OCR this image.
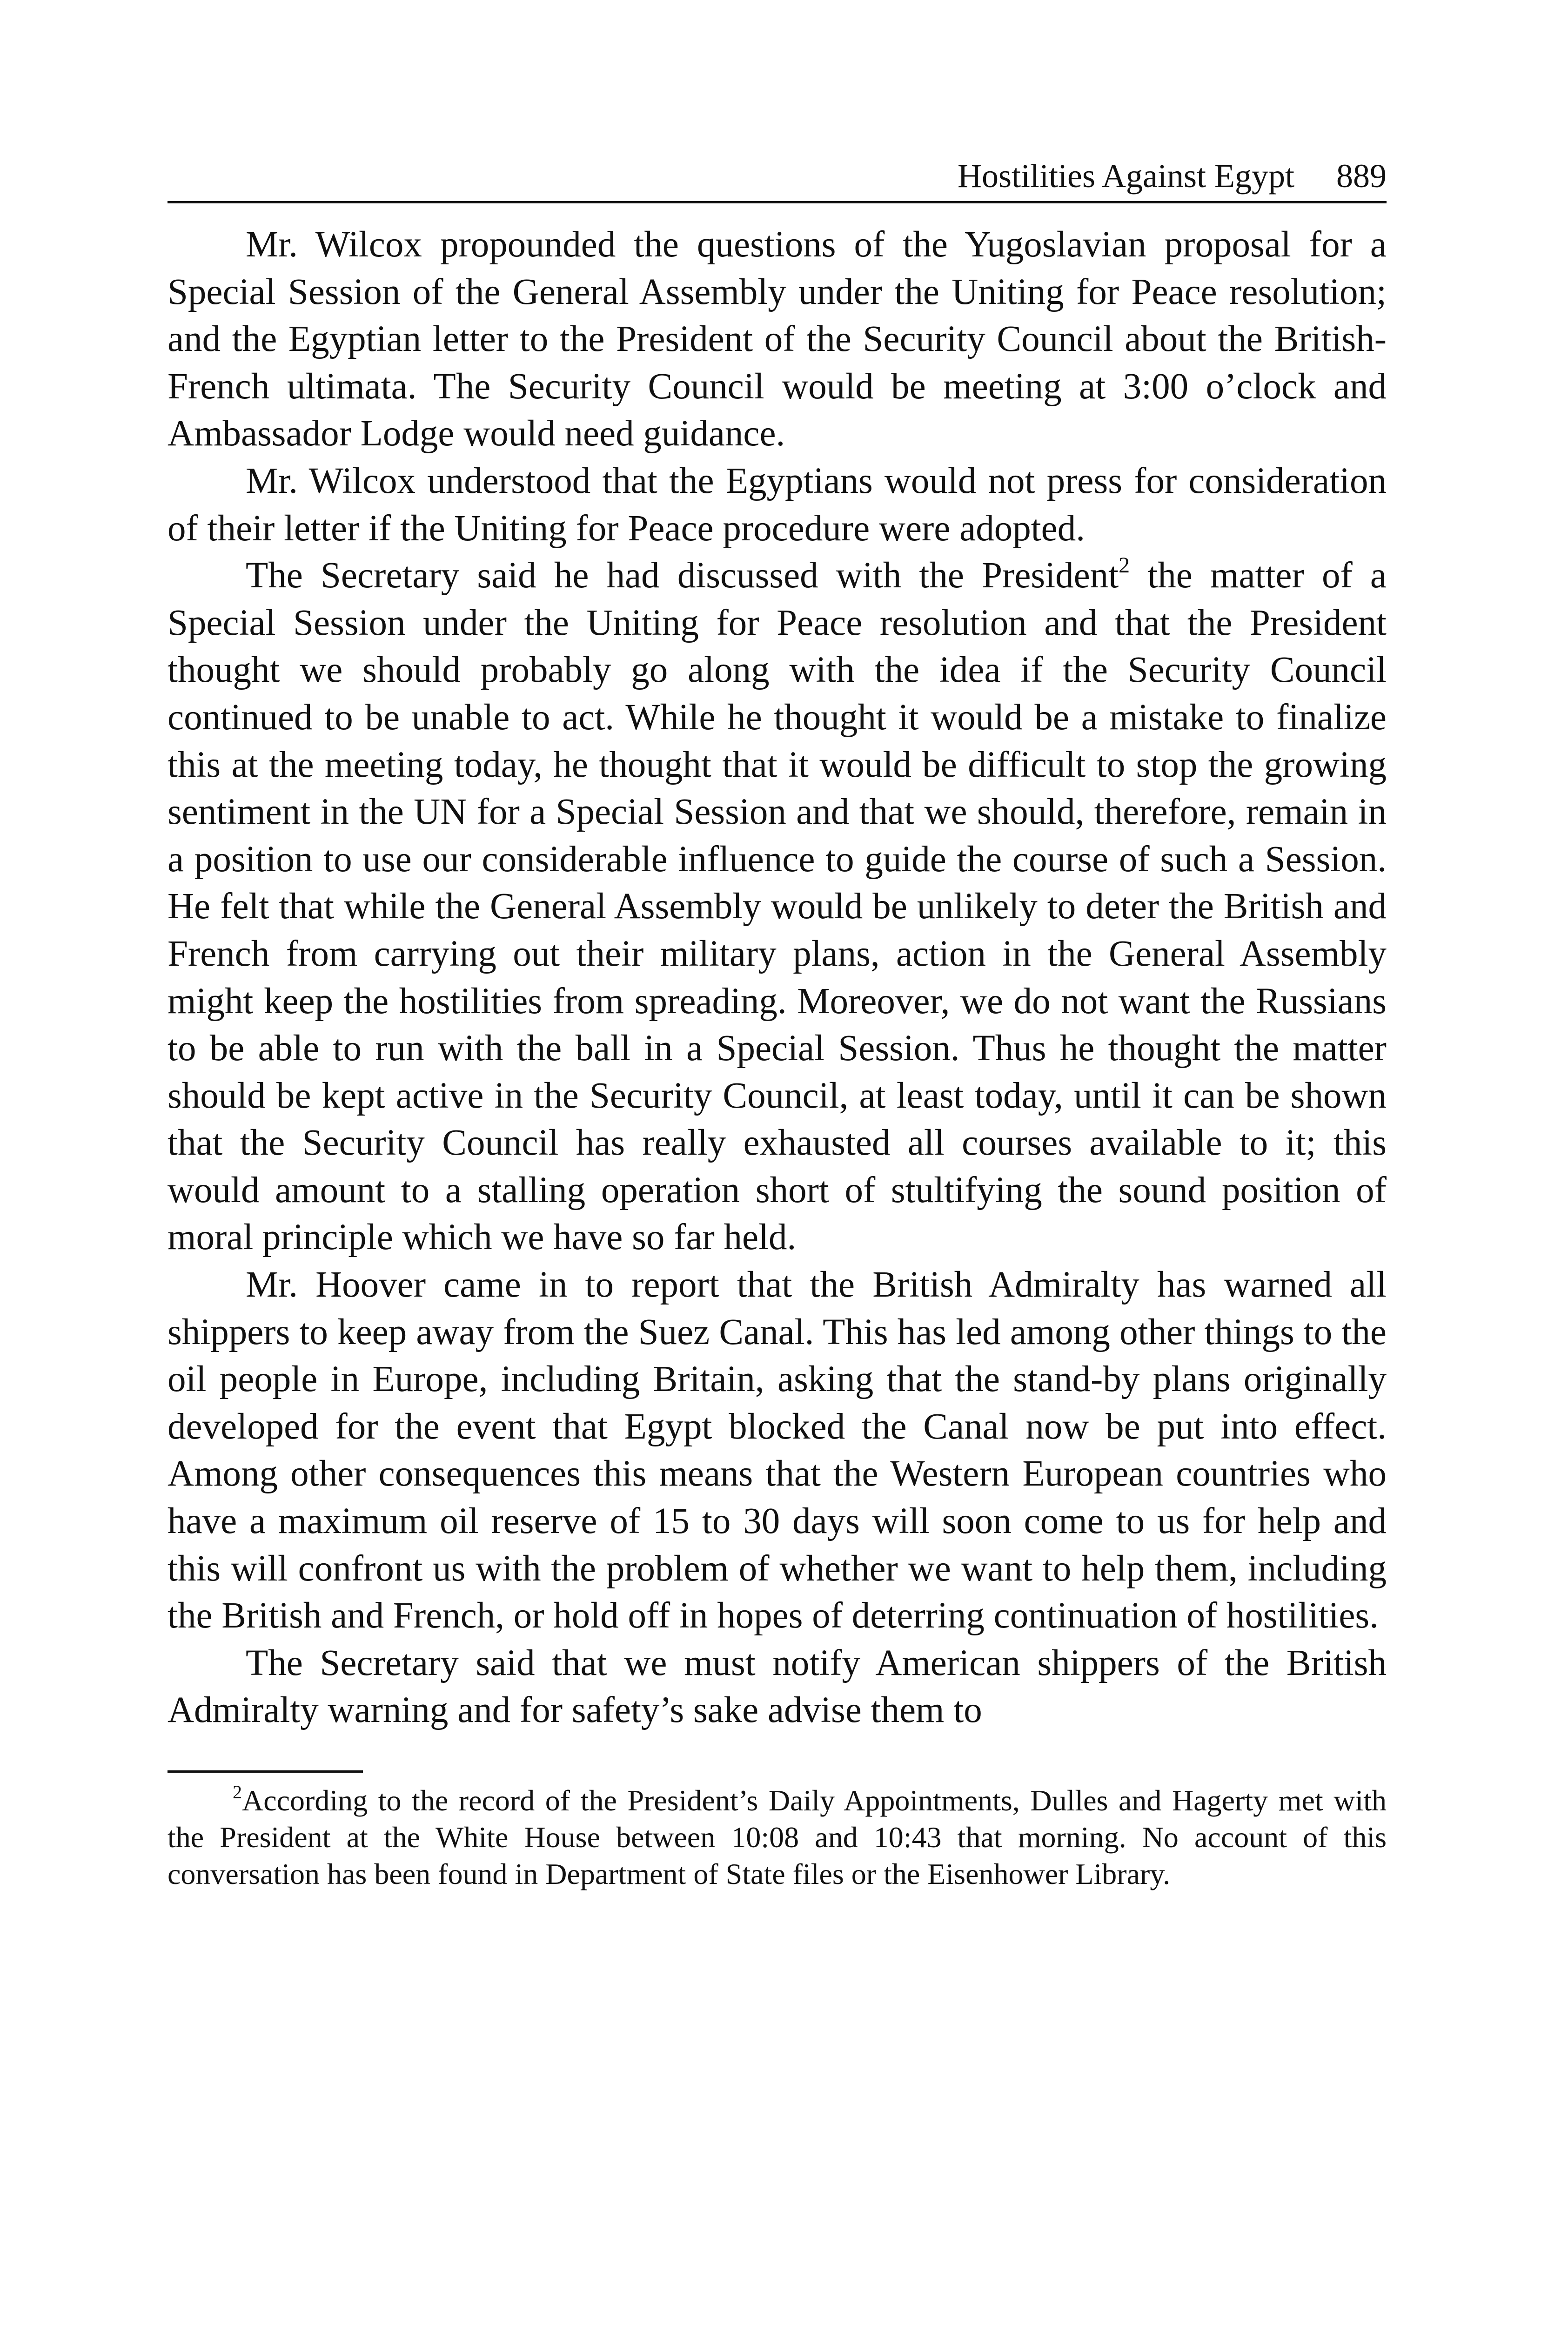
Hostilities Against Egypt 889

Mr. Wilcox propounded the questions of the Yugoslavian proposal for a Special Session of the General Assembly under the Uniting for Peace resolution; and the Egyptian letter to the President of the Security Council about the British-French ultimata. The Security Council would be meeting at 3:00 o’clock and Ambassador Lodge would need guidance.

Mr. Wilcox understood that the Egyptians would not press for consideration of their letter if the Uniting for Peace procedure were adopted.

The Secretary said he had discussed with the President$^2$ the matter of a Special Session under the Uniting for Peace resolution and that the President thought we should probably go along with the idea if the Security Council continued to be unable to act. While he thought it would be a mistake to finalize this at the meeting today, he thought that it would be difficult to stop the growing sentiment in the UN for a Special Session and that we should, therefore, remain in a position to use our considerable influence to guide the course of such a Session. He felt that while the General Assembly would be unlikely to deter the British and French from carrying out their military plans, action in the General Assembly might keep the hostilities from spreading. Moreover, we do not want the Russians to be able to run with the ball in a Special Session. Thus he thought the matter should be kept active in the Security Council, at least today, until it can be shown that the Security Council has really exhausted all courses available to it; this would amount to a stalling operation short of stultifying the sound position of moral principle which we have so far held.

Mr. Hoover came in to report that the British Admiralty has warned all shippers to keep away from the Suez Canal. This has led among other things to the oil people in Europe, including Britain, asking that the stand-by plans originally developed for the event that Egypt blocked the Canal now be put into effect. Among other consequences this means that the Western European countries who have a maximum oil reserve of 15 to 30 days will soon come to us for help and this will confront us with the problem of whether we want to help them, including the British and French, or hold off in hopes of deterring continuation of hostilities.

The Secretary said that we must notify American shippers of the British Admiralty warning and for safety’s sake advise them to

$^2$According to the record of the President’s Daily Appointments, Dulles and Hagerty met with the President at the White House between 10:08 and 10:43 that morning. No account of this conversation has been found in Department of State files or the Eisenhower Library.
